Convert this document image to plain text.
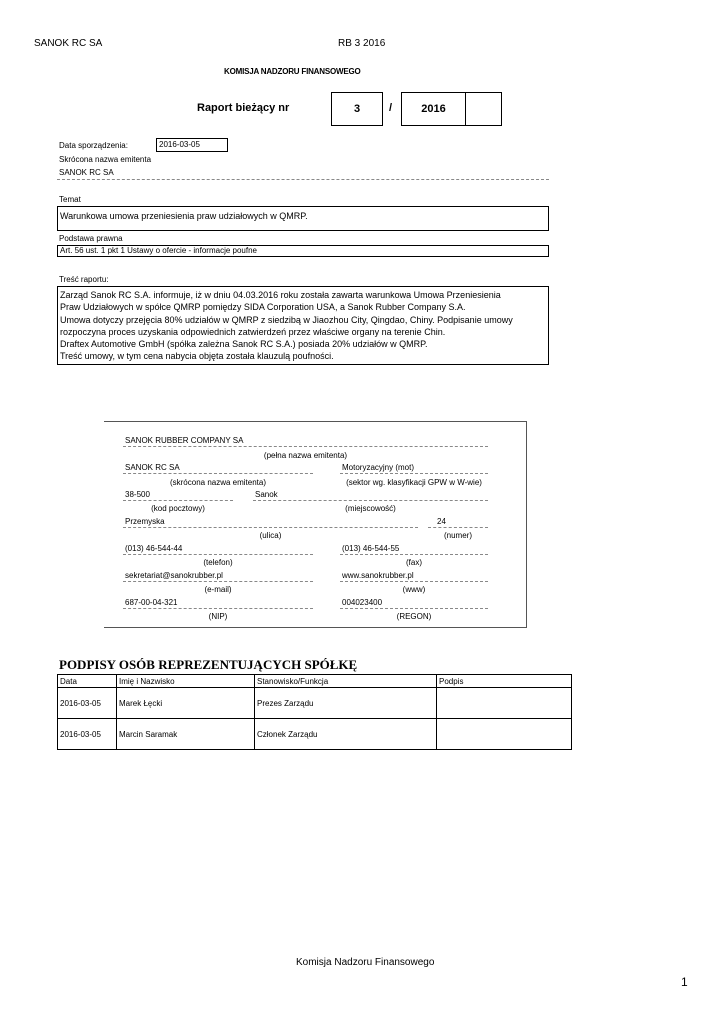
SANOK RC SA	RB 3 2016
KOMISJA NADZORU FINANSOWEGO
Raport bieżący nr	3	/	2016
Data sporządzenia:	2016-03-05
Skrócona nazwa emitenta
SANOK RC SA
Temat
Warunkowa umowa przeniesienia praw udziałowych w QMRP.
Podstawa prawna
Art. 56 ust. 1 pkt 1 Ustawy o ofercie - informacje poufne
Treść raportu:
Zarząd Sanok RC S.A. informuje, iż w dniu 04.03.2016 roku została zawarta warunkowa Umowa Przeniesienia
Praw Udziałowych w spółce QMRP pomiędzy SIDA Corporation USA, a Sanok Rubber Company S.A.
Umowa dotyczy przejęcia 80% udziałów w QMRP z siedzibą w Jiaozhou City, Qingdao, Chiny. Podpisanie umowy
rozpoczyna proces uzyskania odpowiednich zatwierdzeń przez właściwe organy na terenie Chin.
Draftex Automotive GmbH (spółka zależna Sanok RC S.A.) posiada 20% udziałów w QMRP.
Treść umowy, w tym cena nabycia objęta została klauzulą poufności.
SANOK RUBBER COMPANY SA
(pełna nazwa emitenta)
SANOK RC SA
(skrócona nazwa emitenta)
Motoryzacyjny (mot)
(sektor wg. klasyfikacji GPW w W-wie)
38-500
(kod pocztowy)
Sanok
(miejscowość)
Przemyska
(ulica)
24
(numer)
(013) 46-544-44
(telefon)
(013) 46-544-55
(fax)
sekretariat@sanokrubber.pl
(e-mail)
www.sanokrubber.pl
(www)
687-00-04-321
(NIP)
004023400
(REGON)
PODPISY OSÓB REPREZENTUJĄCYCH SPÓŁKĘ
Data	Imię i Nazwisko	Stanowisko/Funkcja	Podpis
2016-03-05	Marek Łęcki	Prezes Zarządu	
2016-03-05	Marcin Saramak	Członek Zarządu	
Komisja Nadzoru Finansowego
1
